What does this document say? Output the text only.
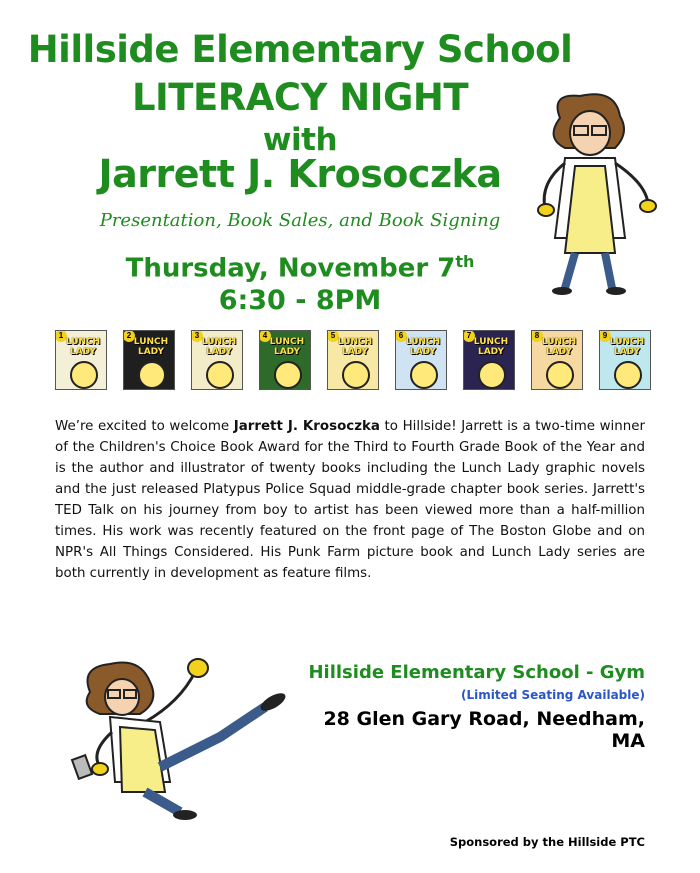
Hillside Elementary School
LITERACY NIGHT
with
Jarrett J. Krosoczka
Presentation, Book Sales, and Book Signing
Thursday, November 7th
6:30 - 8PM
1
LUNCH LADY
2
LUNCH LADY
3
LUNCH LADY
4
LUNCH LADY
5
LUNCH LADY
6
LUNCH LADY
7
LUNCH LADY
8
LUNCH LADY
9
LUNCH LADY
We’re excited to welcome Jarrett J. Krosoczka to Hillside! Jarrett is a two-time winner of the Children's Choice Book Award for the Third to Fourth Grade Book of the Year and is the author and illustrator of twenty books including the Lunch Lady graphic novels and the just released Platypus Police Squad middle-grade chapter book series. Jarrett's TED Talk on his journey from boy to artist has been viewed more than a half-million times. His work was recently featured on the front page of The Boston Globe and on NPR's All Things Considered. His Punk Farm picture book and Lunch Lady series are both currently in development as feature films.
Hillside Elementary School - Gym
(Limited Seating Available)
28 Glen Gary Road, Needham, MA
Sponsored by the Hillside PTC
